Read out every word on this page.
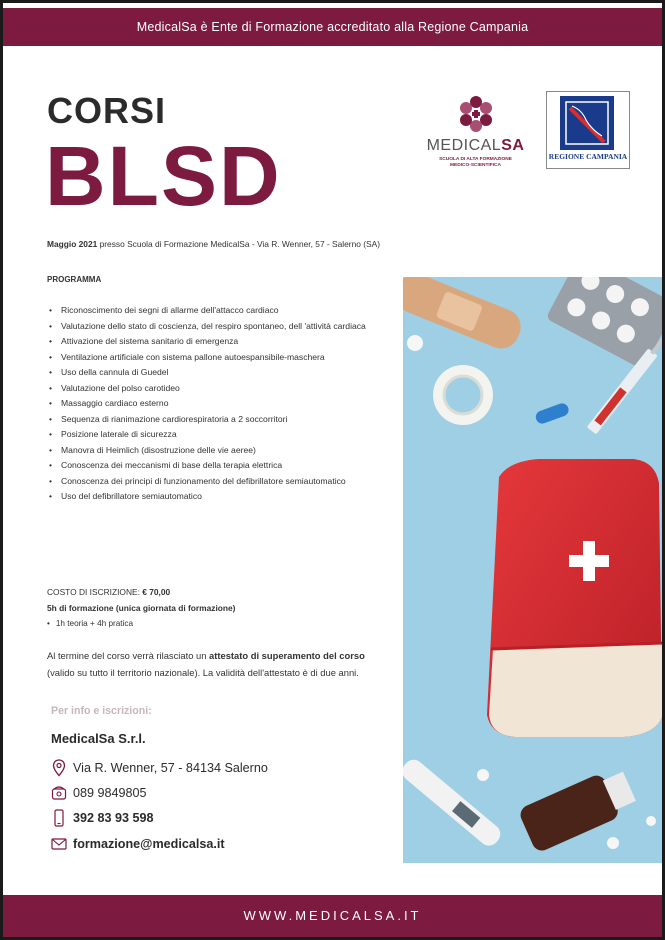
MedicalSa è Ente di Formazione accreditato alla Regione Campania
CORSI
BLSD	MEDICALSA
SCUOLA DI ALTA FORMAZIONE
MEDICO-SCIENTIFICA
REGIONE CAMPANIA
Maggio 2021 presso Scuola di Formazione MedicalSa - Via R. Wenner, 57 - Salerno (SA)
PROGRAMMA
• Riconoscimento dei segni di allarme dell'attacco cardiaco
• Valutazione dello stato di coscienza, del respiro spontaneo, dell 'attività cardiaca
• Attivazione del sistema sanitario di emergenza
• Ventilazione artificiale con sistema pallone autoespansibile-maschera
• Uso della cannula di Guedel
• Valutazione del polso carotideo
• Massaggio cardiaco esterno
• Sequenza di rianimazione cardiorespiratoria a 2 soccorritori
• Posizione laterale di sicurezza
• Manovra di Heimlich (disostruzione delle vie aeree)
• Conoscenza dei meccanismi di base della terapia elettrica
• Conoscenza dei principi di funzionamento del defibrillatore semiautomatico
• Uso del defibrillatore semiautomatico
COSTO DI ISCRIZIONE: € 70,00
5h di formazione (unica giornata di formazione)
• 1h teoria + 4h pratica
Al termine del corso verrà rilasciato un attestato di superamento del corso (valido su tutto il territorio nazionale). La validità dell'attestato è di due anni.
Per info e iscrizioni:
MedicalSa S.r.l.
Via R. Wenner, 57 - 84134 Salerno
089 9849805
392 83 93 598
formazione@medicalsa.it
WWW.MEDICALSA.IT
